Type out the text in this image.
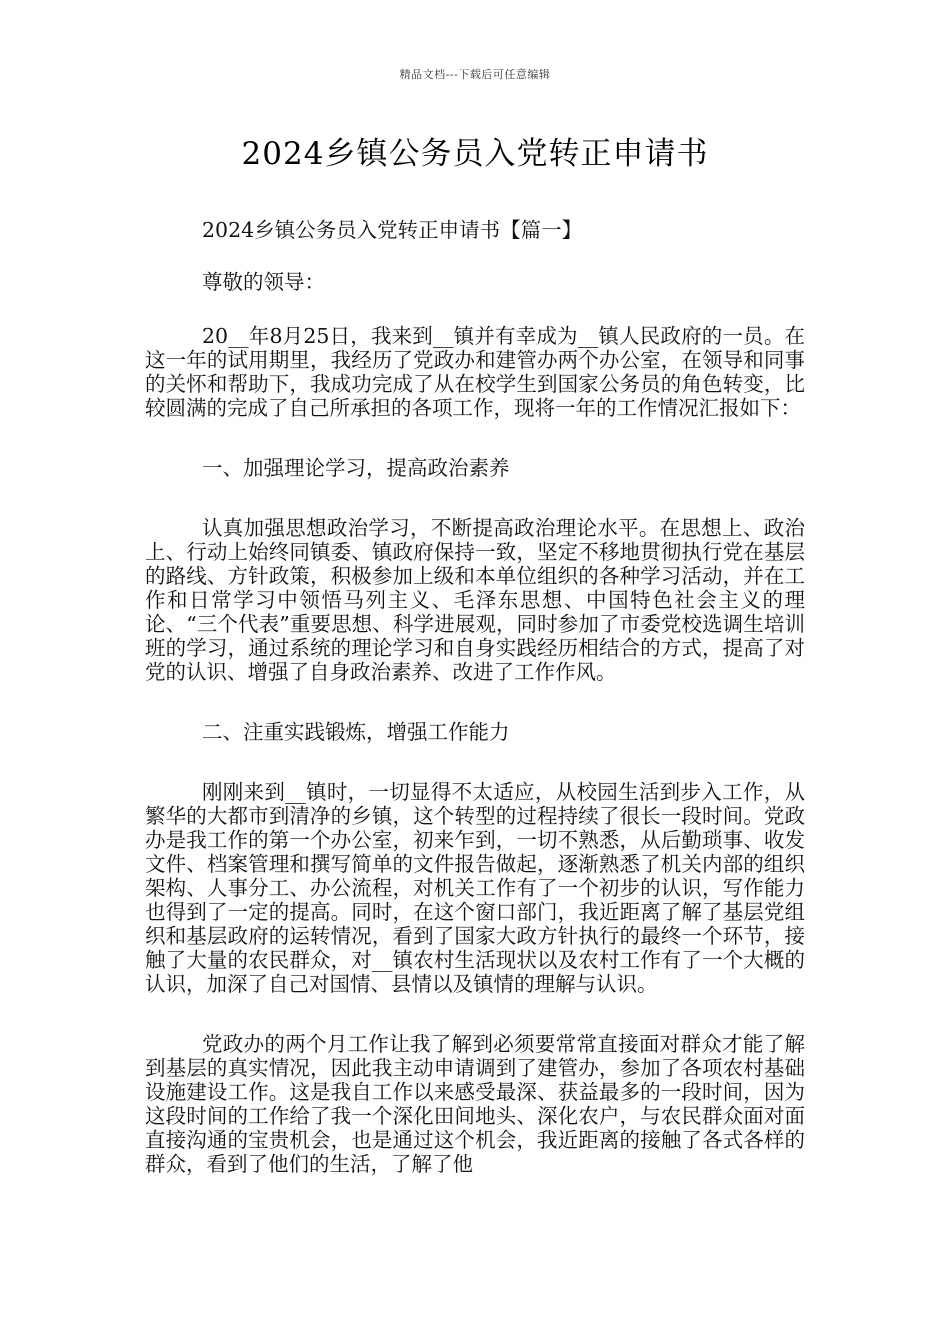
精品文档---下载后可任意编辑
2024乡镇公务员入党转正申请书

2024乡镇公务员入党转正申请书【篇一】

尊敬的领导：

20__年8月25日，我来到__镇并有幸成为__镇人民政府的一员。在这一年的试用期里，我经历了党政办和建管办两个办公室，在领导和同事的关怀和帮助下，我成功完成了从在校学生到国家公务员的角色转变，比较圆满的完成了自己所承担的各项工作，现将一年的工作情况汇报如下：

一、加强理论学习，提高政治素养

认真加强思想政治学习，不断提高政治理论水平。在思想上、政治上、行动上始终同镇委、镇政府保持一致，坚定不移地贯彻执行党在基层的路线、方针政策，积极参加上级和本单位组织的各种学习活动，并在工作和日常学习中领悟马列主义、毛泽东思想、中国特色社会主义的理论、“三个代表”重要思想、科学进展观，同时参加了市委党校选调生培训班的学习，通过系统的理论学习和自身实践经历相结合的方式，提高了对党的认识、增强了自身政治素养、改进了工作作风。

二、注重实践锻炼，增强工作能力

刚刚来到__镇时，一切显得不太适应，从校园生活到步入工作，从繁华的大都市到清净的乡镇，这个转型的过程持续了很长一段时间。党政办是我工作的第一个办公室，初来乍到，一切不熟悉，从后勤琐事、收发文件、档案管理和撰写简单的文件报告做起，逐渐熟悉了机关内部的组织架构、人事分工、办公流程，对机关工作有了一个初步的认识，写作能力也得到了一定的提高。同时，在这个窗口部门，我近距离了解了基层党组织和基层政府的运转情况，看到了国家大政方针执行的最终一个环节，接触了大量的农民群众，对__镇农村生活现状以及农村工作有了一个大概的认识，加深了自己对国情、县情以及镇情的理解与认识。

党政办的两个月工作让我了解到必须要常常直接面对群众才能了解到基层的真实情况，因此我主动申请调到了建管办，参加了各项农村基础设施建设工作。这是我自工作以来感受最深、获益最多的一段时间，因为这段时间的工作给了我一个深化田间地头、深化农户，与农民群众面对面直接沟通的宝贵机会，也是通过这个机会，我近距离的接触了各式各样的群众，看到了他们的生活，了解了他
